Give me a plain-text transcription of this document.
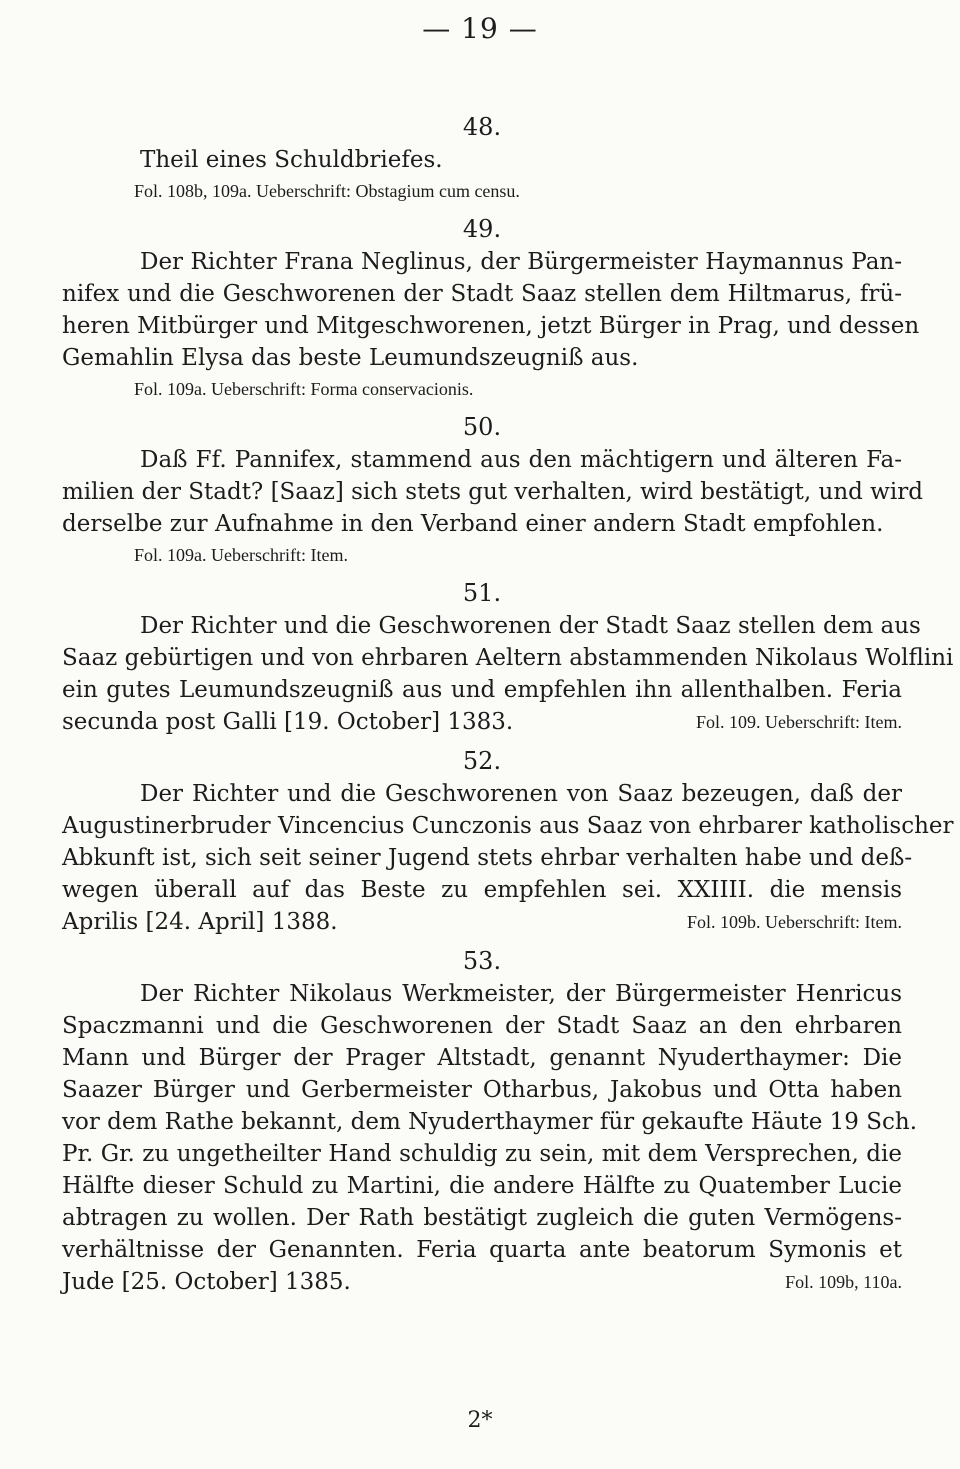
— 19 —
48.
Theil eines Schuldbriefes.
Fol. 108b, 109a. Ueberschrift: Obstagium cum censu.
49.
Der Richter Frana Neglinus, der Bürgermeister Haymannus Pan-
nifex und die Geschworenen der Stadt Saaz stellen dem Hiltmarus, frü-
heren Mitbürger und Mitgeschworenen, jetzt Bürger in Prag, und dessen
Gemahlin Elysa das beste Leumundszeugniß aus.
Fol. 109a. Ueberschrift: Forma conservacionis.
50.
Daß Ff. Pannifex, stammend aus den mächtigern und älteren Fa-
milien der Stadt? [Saaz] sich stets gut verhalten, wird bestätigt, und wird
derselbe zur Aufnahme in den Verband einer andern Stadt empfohlen.
Fol. 109a. Ueberschrift: Item.
51.
Der Richter und die Geschworenen der Stadt Saaz stellen dem aus
Saaz gebürtigen und von ehrbaren Aeltern abstammenden Nikolaus Wolflini
ein gutes Leumundszeugniß aus und empfehlen ihn allenthalben. Feria
secunda post Galli [19. October] 1383.	Fol. 109. Ueberschrift: Item.
52.
Der Richter und die Geschworenen von Saaz bezeugen, daß der
Augustinerbruder Vincencius Cunczonis aus Saaz von ehrbarer katholischer
Abkunft ist, sich seit seiner Jugend stets ehrbar verhalten habe und deß-
wegen überall auf das Beste zu empfehlen sei. XXIIII. die mensis
Aprilis [24. April] 1388.	Fol. 109b. Ueberschrift: Item.
53.
Der Richter Nikolaus Werkmeister, der Bürgermeister Henricus
Spaczmanni und die Geschworenen der Stadt Saaz an den ehrbaren
Mann und Bürger der Prager Altstadt, genannt Nyuderthaymer: Die
Saazer Bürger und Gerbermeister Otharbus, Jakobus und Otta haben
vor dem Rathe bekannt, dem Nyuderthaymer für gekaufte Häute 19 Sch.
Pr. Gr. zu ungetheilter Hand schuldig zu sein, mit dem Versprechen, die
Hälfte dieser Schuld zu Martini, die andere Hälfte zu Quatember Lucie
abtragen zu wollen. Der Rath bestätigt zugleich die guten Vermögens-
verhältnisse der Genannten. Feria quarta ante beatorum Symonis et
Jude [25. October] 1385.	Fol. 109b, 110a.
2*
